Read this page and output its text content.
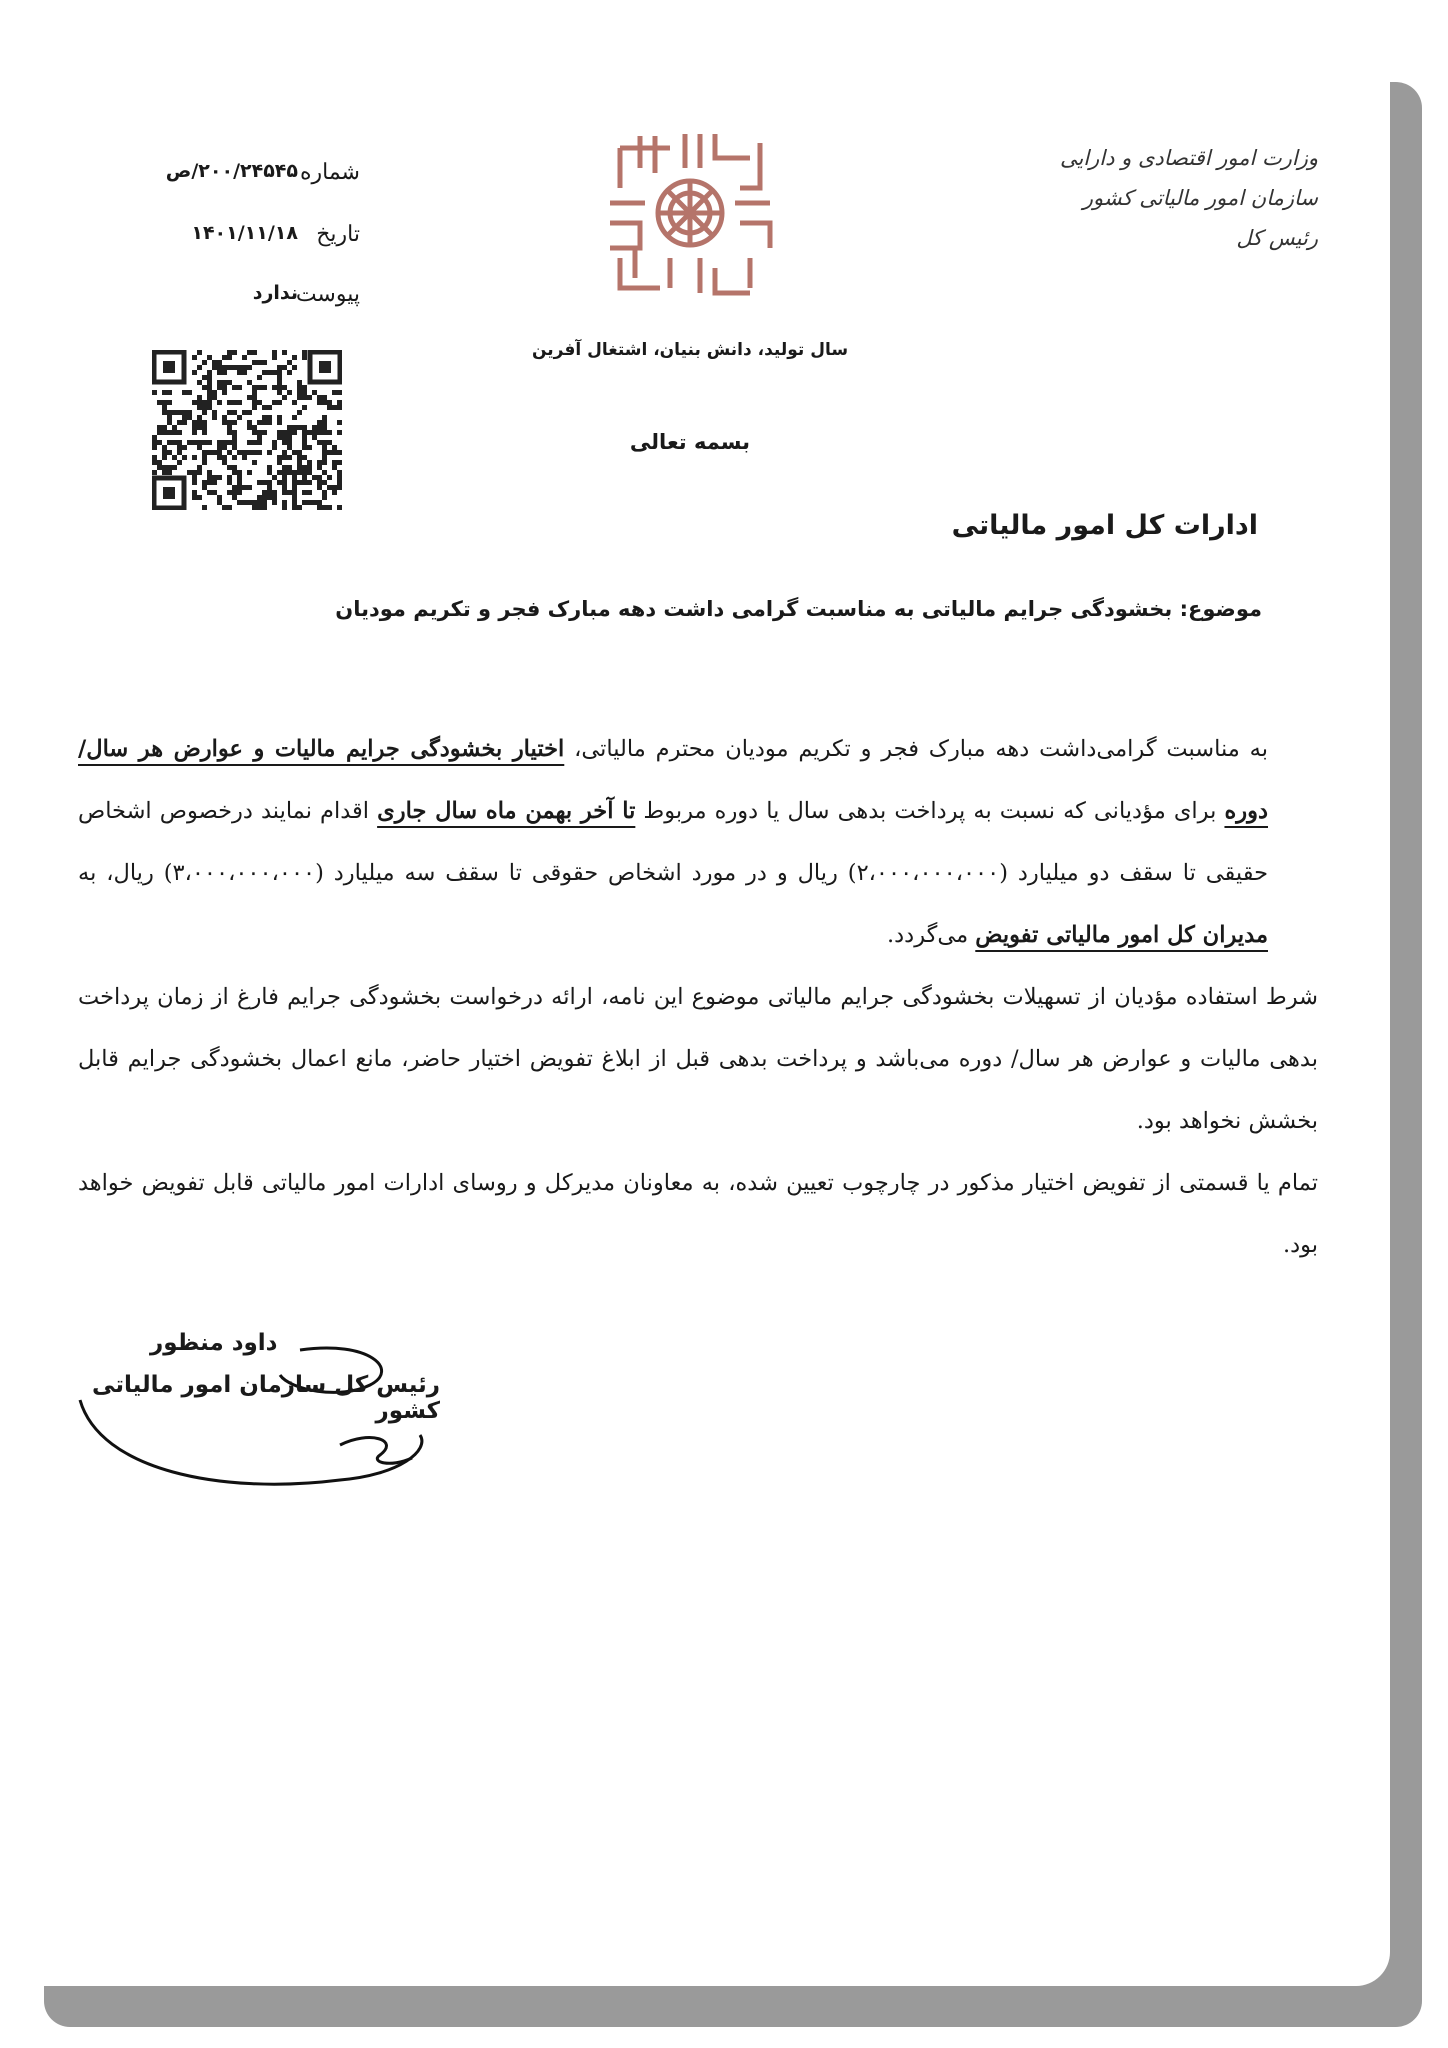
شماره
۲۰۰/۲۴۵۴۵/ص
تاریخ
۱۴۰۱/۱۱/۱۸
پیوست
ندارد
وزارت امور اقتصادی و دارایی
سازمان امور مالیاتی کشور
رئیس کل
سال تولید، دانش بنیان، اشتغال آفرین
بسمه تعالی
ادارات کل امور مالیاتی
موضوع: بخشودگی جرایم مالیاتی به مناسبت گرامی داشت دهه مبارک فجر و تکریم مودیان

به مناسبت گرامی‌داشت دهه مبارک فجر و تکریم مودیان محترم مالیاتی، اختیار بخشودگی جرایم مالیات و عوارض هر سال/ دوره برای مؤدیانی که نسبت به پرداخت بدهی سال یا دوره مربوط تا آخر بهمن ماه سال جاری اقدام نمایند درخصوص اشخاص حقیقی تا سقف دو میلیارد (۲،۰۰۰،۰۰۰،۰۰۰) ریال و در مورد اشخاص حقوقی تا سقف سه میلیارد (۳،۰۰۰،۰۰۰،۰۰۰) ریال، به مدیران کل امور مالیاتی تفویض می‌گردد.

شرط استفاده مؤدیان از تسهیلات بخشودگی جرایم مالیاتی موضوع این نامه، ارائه درخواست بخشودگی جرایم فارغ از زمان پرداخت بدهی مالیات و عوارض هر سال/ دوره می‌باشد و پرداخت بدهی قبل از ابلاغ تفویض اختیار حاضر، مانع اعمال بخشودگی جرایم قابل بخشش نخواهد بود.

تمام یا قسمتی از تفویض اختیار مذکور در چارچوب تعیین شده، به معاونان مدیرکل و روسای ادارات امور مالیاتی قابل تفویض خواهد بود.

داود منظور
رئیس کل سازمان امور مالیاتی کشور
